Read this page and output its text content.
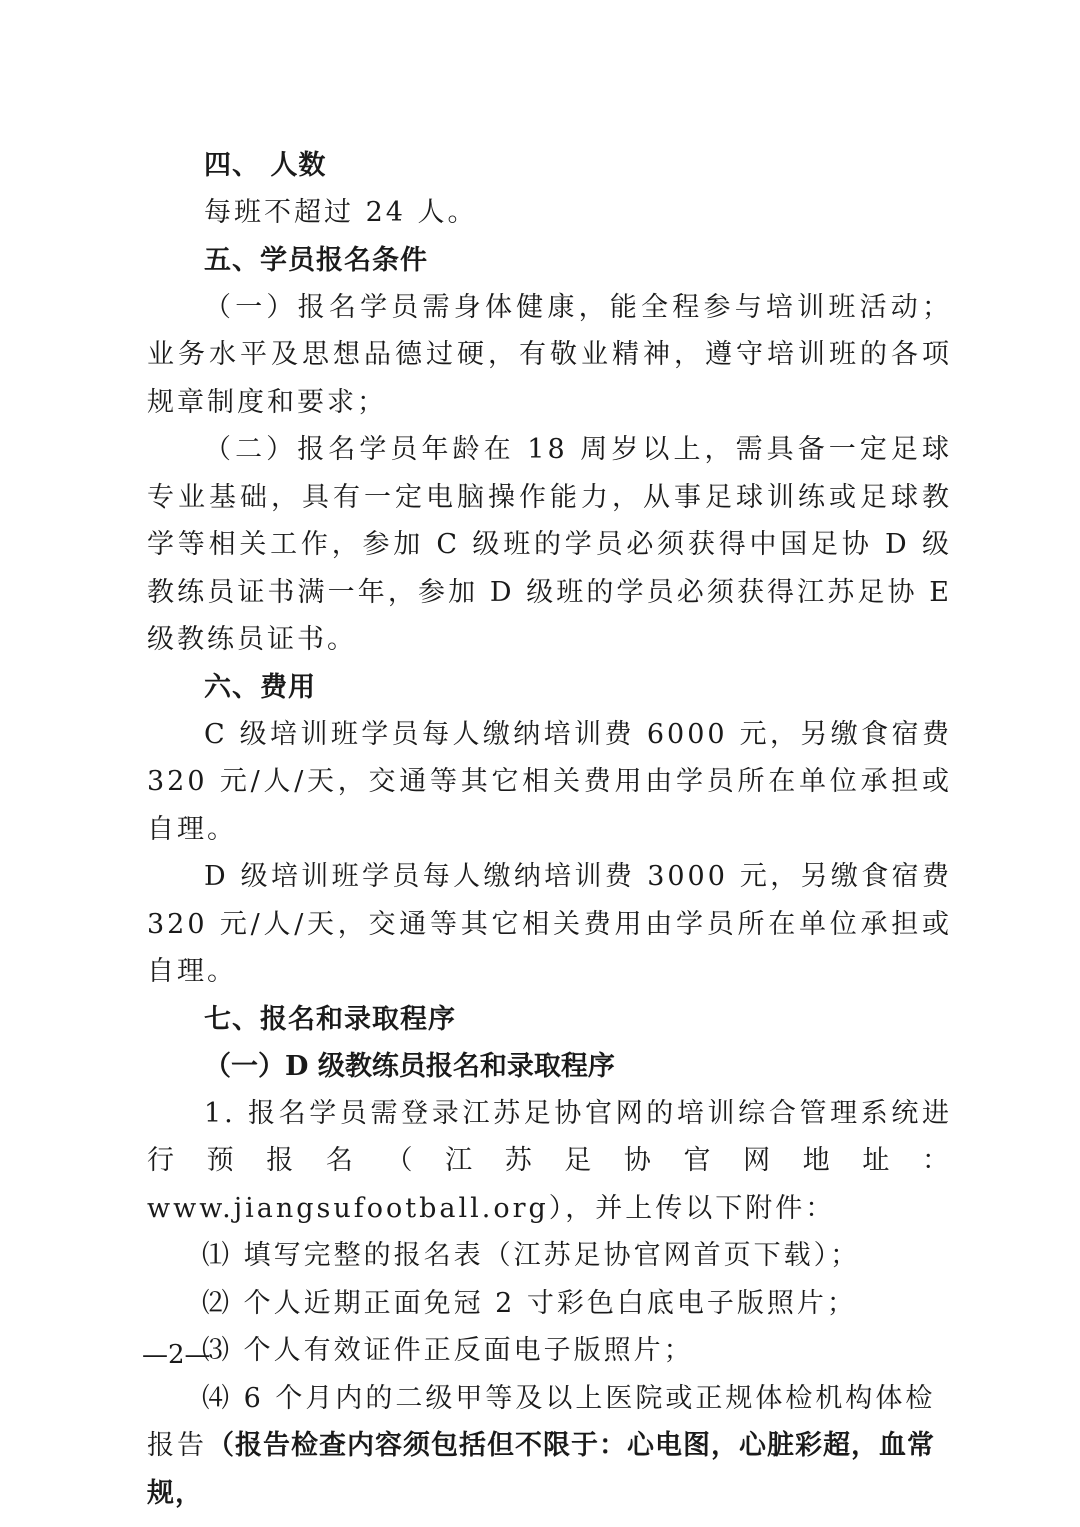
四、 人数

每班不超过 24 人。

五、学员报名条件

（一）报名学员需身体健康，能全程参与培训班活动；业务水平及思想品德过硬，有敬业精神，遵守培训班的各项规章制度和要求；

（二）报名学员年龄在 18 周岁以上，需具备一定足球专业基础，具有一定电脑操作能力，从事足球训练或足球教学等相关工作，参加 C 级班的学员必须获得中国足协 D 级教练员证书满一年，参加 D 级班的学员必须获得江苏足协 E 级教练员证书。

六、费用

C 级培训班学员每人缴纳培训费 6000 元，另缴食宿费 320 元/人/天，交通等其它相关费用由学员所在单位承担或自理。

D 级培训班学员每人缴纳培训费 3000 元，另缴食宿费 320 元/人/天，交通等其它相关费用由学员所在单位承担或自理。

七、报名和录取程序

（一）D 级教练员报名和录取程序

1. 报名学员需登录江苏足协官网的培训综合管理系统进行预报名（江苏足协官网地址：www.jiangsufootball.org），并上传以下附件：

⑴ 填写完整的报名表（江苏足协官网首页下载）；

⑵ 个人近期正面免冠 2 寸彩色白底电子版照片；

⑶ 个人有效证件正反面电子版照片；

⑷ 6 个月内的二级甲等及以上医院或正规体检机构体检报告（报告检查内容须包括但不限于：心电图，心脏彩超，血常规，

—2—
